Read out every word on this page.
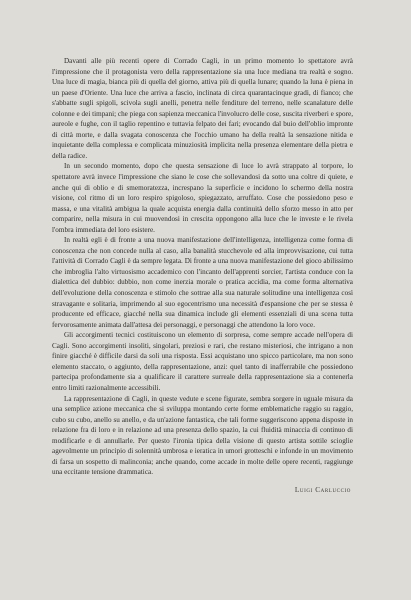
Davanti alle più recenti opere di Corrado Cagli, in un primo momento lo spettatore avrà l'impressione che il protagonista vero della rappresentazione sia una luce mediana tra realtà e sogno. Una luce di magia, bianca più di quella del giorno, attiva più di quella lunare; quando la luna è piena in un paese d'Oriente. Una luce che arriva a fascio, inclinata di circa quarantacinque gradi, di fianco; che s'abbatte sugli spigoli, scivola sugli anelli, penetra nelle fenditure del terreno, nelle scanalature delle colonne e dei timpani; che piega con sapienza meccanica l'involucro delle cose, suscita riverberi e spore, aureole e fughe, con il taglio repentino e tuttavia felpato dei fari; evocando dal buio dell'oblio impronte di città morte, e dalla svagata conoscenza che l'occhio umano ha della realtà la sensazione nitida e inquietante della complessa e complicata minuziosità implicita nella presenza elementare della pietra e della radice.

In un secondo momento, dopo che questa sensazione di luce lo avrà strappato al torpore, lo spettatore avrà invece l'impressione che siano le cose che sollevandosi da sotto una coltre di quiete, e anche qui di oblio e di smemoratezza, increspano la superficie e incidono lo schermo della nostra visione, col ritmo di un loro respiro spigoloso, spiegazzato, arruffato. Cose che possiedono peso e massa, e una vitalità ambigua la quale acquista energia dalla continuità dello sforzo messo in atto per comparire, nella misura in cui muovendosi in crescita oppongono alla luce che le investe e le rivela l'ombra immediata del loro esistere.

In realtà egli è di fronte a una nuova manifestazione dell'intelligenza, intelligenza come forma di conoscenza che non concede nulla al caso, alla banalità stucchevole ed alla improvvisazione, cui tutta l'attività di Corrado Cagli è da sempre legata. Di fronte a una nuova manifestazione del gioco abilissimo che imbroglia l'alto virtuosismo accademico con l'incanto dell'apprenti sorcier, l'artista conduce con la dialettica del dubbio: dubbio, non come inerzia morale o pratica accidia, ma come forma alternativa dell'evoluzione della conoscenza e stimolo che sottrae alla sua naturale solitudine una intelligenza così stravagante e solitaria, imprimendo al suo egocentrismo una necessità d'espansione che per se stessa è producente ed efficace, giacché nella sua dinamica include gli elementi essenziali di una scena tutta fervorosamente animata dall'attesa dei personaggi, e personaggi che attendono la loro voce.

Gli accorgimenti tecnici costituiscono un elemento di sorpresa, come sempre accade nell'opera di Cagli. Sono accorgimenti insoliti, singolari, preziosi e rari, che restano misteriosi, che intrigano a non finire giacché è difficile darsi da soli una risposta. Essi acquistano uno spicco particolare, ma non sono elemento staccato, o aggiunto, della rappresentazione, anzi: quel tanto di inafferrabile che possiedono partecipa profondamente sia a qualificare il carattere surreale della rappresentazione sia a contenerla entro limiti razionalmente accessibili.

La rappresentazione di Cagli, in queste vedute e scene figurate, sembra sorgere in uguale misura da una semplice azione meccanica che si sviluppa montando certe forme emblematiche raggio su raggio, cubo su cubo, anello su anello, e da un'azione fantastica, che tali forme suggeriscono appena disposte in relazione fra di loro e in relazione ad una presenza dello spazio, la cui fluidità minaccia di continuo di modificarle e di annullarle. Per questo l'ironia tipica della visione di questo artista sottile scioglie agevolmente un principio di solennità umbrosa e ieratica in umori grotteschi e infonde in un movimento di farsa un sospetto di malinconia; anche quando, come accade in molte delle opere recenti, raggiunge una eccitante tensione drammatica.

Luigi Carluccio
